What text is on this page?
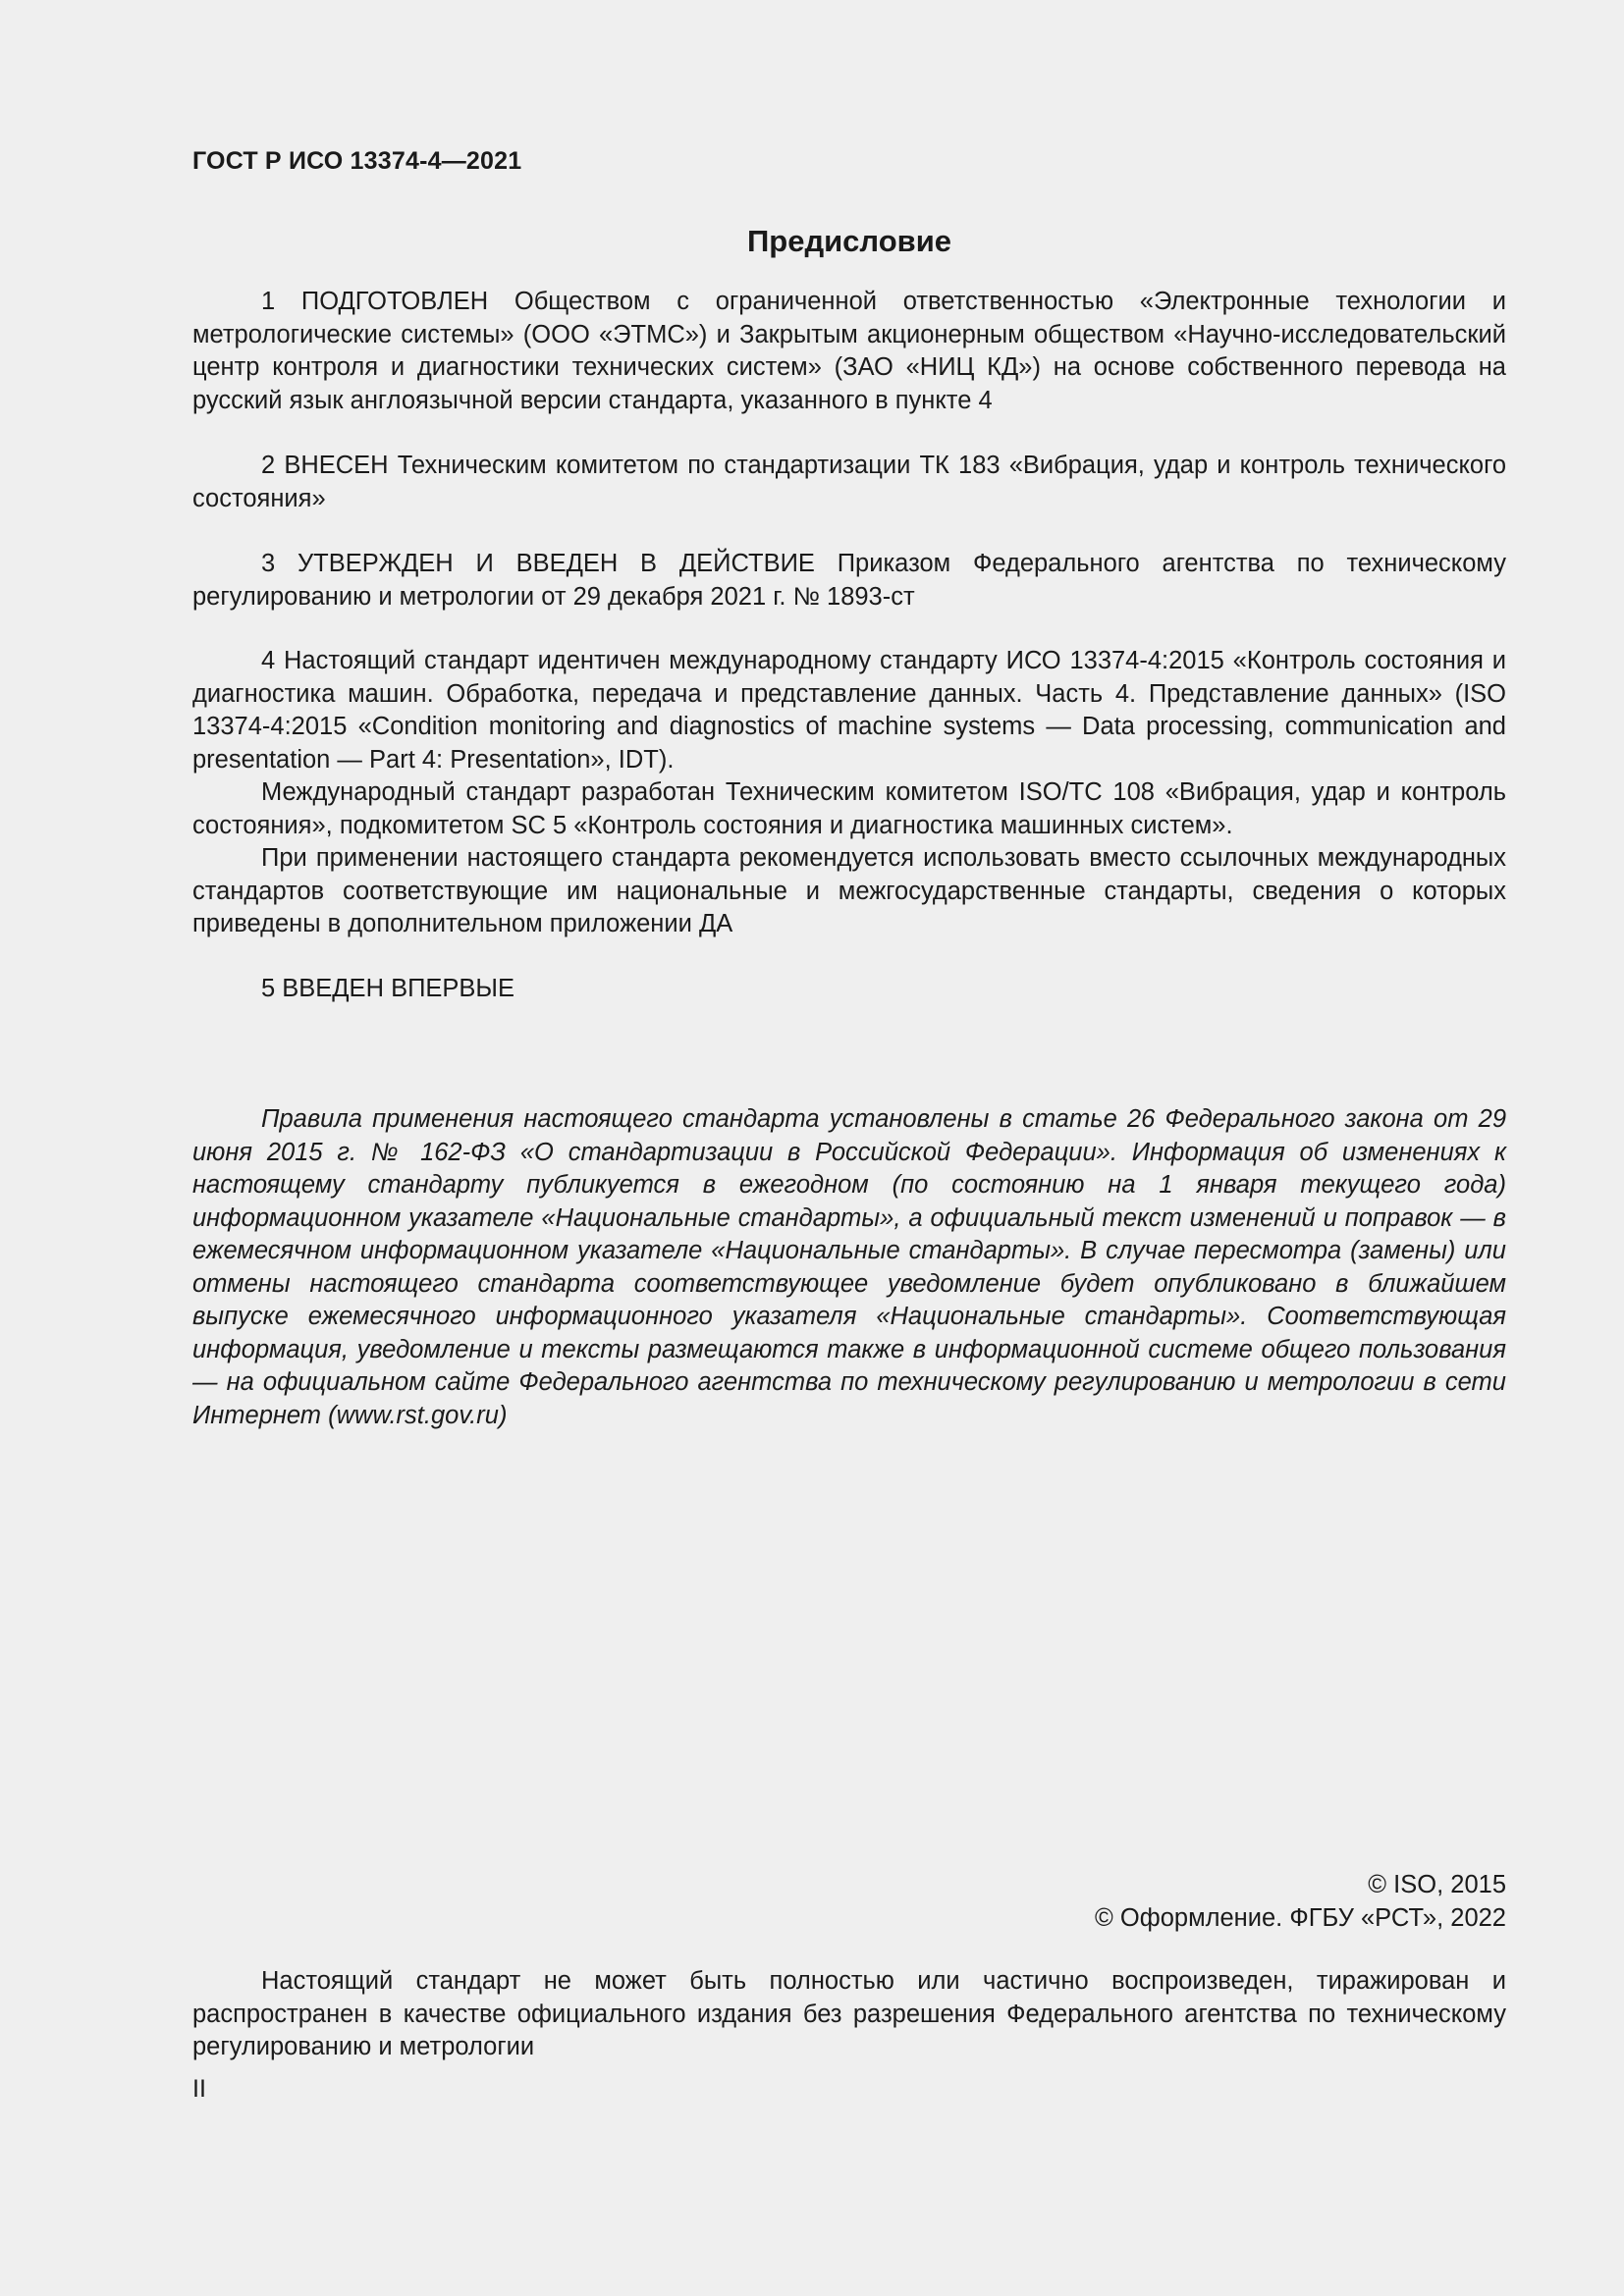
ГОСТ Р ИСО 13374-4—2021
Предисловие

1 ПОДГОТОВЛЕН Обществом с ограниченной ответственностью «Электронные технологии и метрологические системы» (ООО «ЭТМС») и Закрытым акционерным обществом «Научно-исследовательский центр контроля и диагностики технических систем» (ЗАО «НИЦ КД») на основе собственного перевода на русский язык англоязычной версии стандарта, указанного в пункте 4

2 ВНЕСЕН Техническим комитетом по стандартизации ТК 183 «Вибрация, удар и контроль технического состояния»

3 УТВЕРЖДЕН И ВВЕДЕН В ДЕЙСТВИЕ Приказом Федерального агентства по техническому регулированию и метрологии от 29 декабря 2021 г. № 1893-ст

4 Настоящий стандарт идентичен международному стандарту ИСО 13374-4:2015 «Контроль состояния и диагностика машин. Обработка, передача и представление данных. Часть 4. Представление данных» (ISO 13374-4:2015 «Condition monitoring and diagnostics of machine systems — Data processing, communication and presentation — Part 4: Presentation», IDT).

Международный стандарт разработан Техническим комитетом ISO/TC 108 «Вибрация, удар и контроль состояния», подкомитетом SC 5 «Контроль состояния и диагностика машинных систем».

При применении настоящего стандарта рекомендуется использовать вместо ссылочных международных стандартов соответствующие им национальные и межгосударственные стандарты, сведения о которых приведены в дополнительном приложении ДА

5 ВВЕДЕН ВПЕРВЫЕ

Правила применения настоящего стандарта установлены в статье 26 Федерального закона от 29 июня 2015 г. № 162-ФЗ «О стандартизации в Российской Федерации». Информация об изменениях к настоящему стандарту публикуется в ежегодном (по состоянию на 1 января текущего года) информационном указателе «Национальные стандарты», а официальный текст изменений и поправок — в ежемесячном информационном указателе «Национальные стандарты». В случае пересмотра (замены) или отмены настоящего стандарта соответствующее уведомление будет опубликовано в ближайшем выпуске ежемесячного информационного указателя «Национальные стандарты». Соответствующая информация, уведомление и тексты размещаются также в информационной системе общего пользования — на официальном сайте Федерального агентства по техническому регулированию и метрологии в сети Интернет (www.rst.gov.ru)

© ISO, 2015
© Оформление. ФГБУ «РСТ», 2022

Настоящий стандарт не может быть полностью или частично воспроизведен, тиражирован и распространен в качестве официального издания без разрешения Федерального агентства по техническому регулированию и метрологии

II
